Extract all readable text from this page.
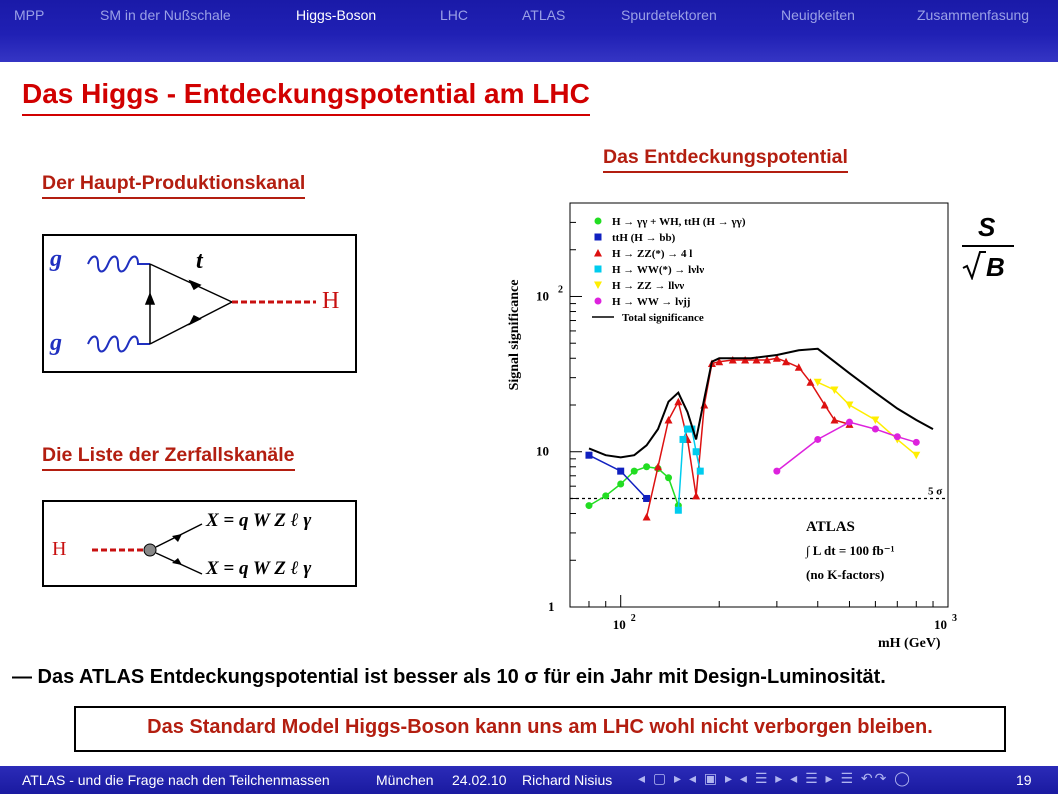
MPP	SM in der Nußschale	Higgs-Boson	LHC	ATLAS	Spurdetektoren	Neuigkeiten	Zusammenfasung
Das Higgs - Entdeckungspotential am LHC
Der Haupt-Produktionskanal
g
g
t
H
Die Liste der Zerfallskanäle
H
X = q W Z ℓ γ
X = q W Z ℓ γ
Das Entdeckungspotential
5 σ
1
10
10 2
10 2	10 3
Signal significance
mH (GeV)
H → γγ + WH, ttH (H → γγ)
ttH (H → bb)
H → ZZ(*) → 4 l
H → WW(*) → lνlν
H → ZZ → llνν
H → WW → lνjj
Total significance
ATLAS
∫ L dt = 100 fb⁻¹
(no K-factors)
S
B
— Das ATLAS Entdeckungspotential ist besser als 10 σ für ein Jahr mit Design-Luminosität.
Das Standard Model Higgs-Boson kann uns am LHC wohl nicht verborgen bleiben.
ATLAS - und die Frage nach den Teilchenmassen	München 24.02.10 Richard Nisius ◂ ▢ ▸ ◂ ▣ ▸ ◂ ☰ ▸ ◂ ☰ ▸ ☰ ↶↷ ◯	19
